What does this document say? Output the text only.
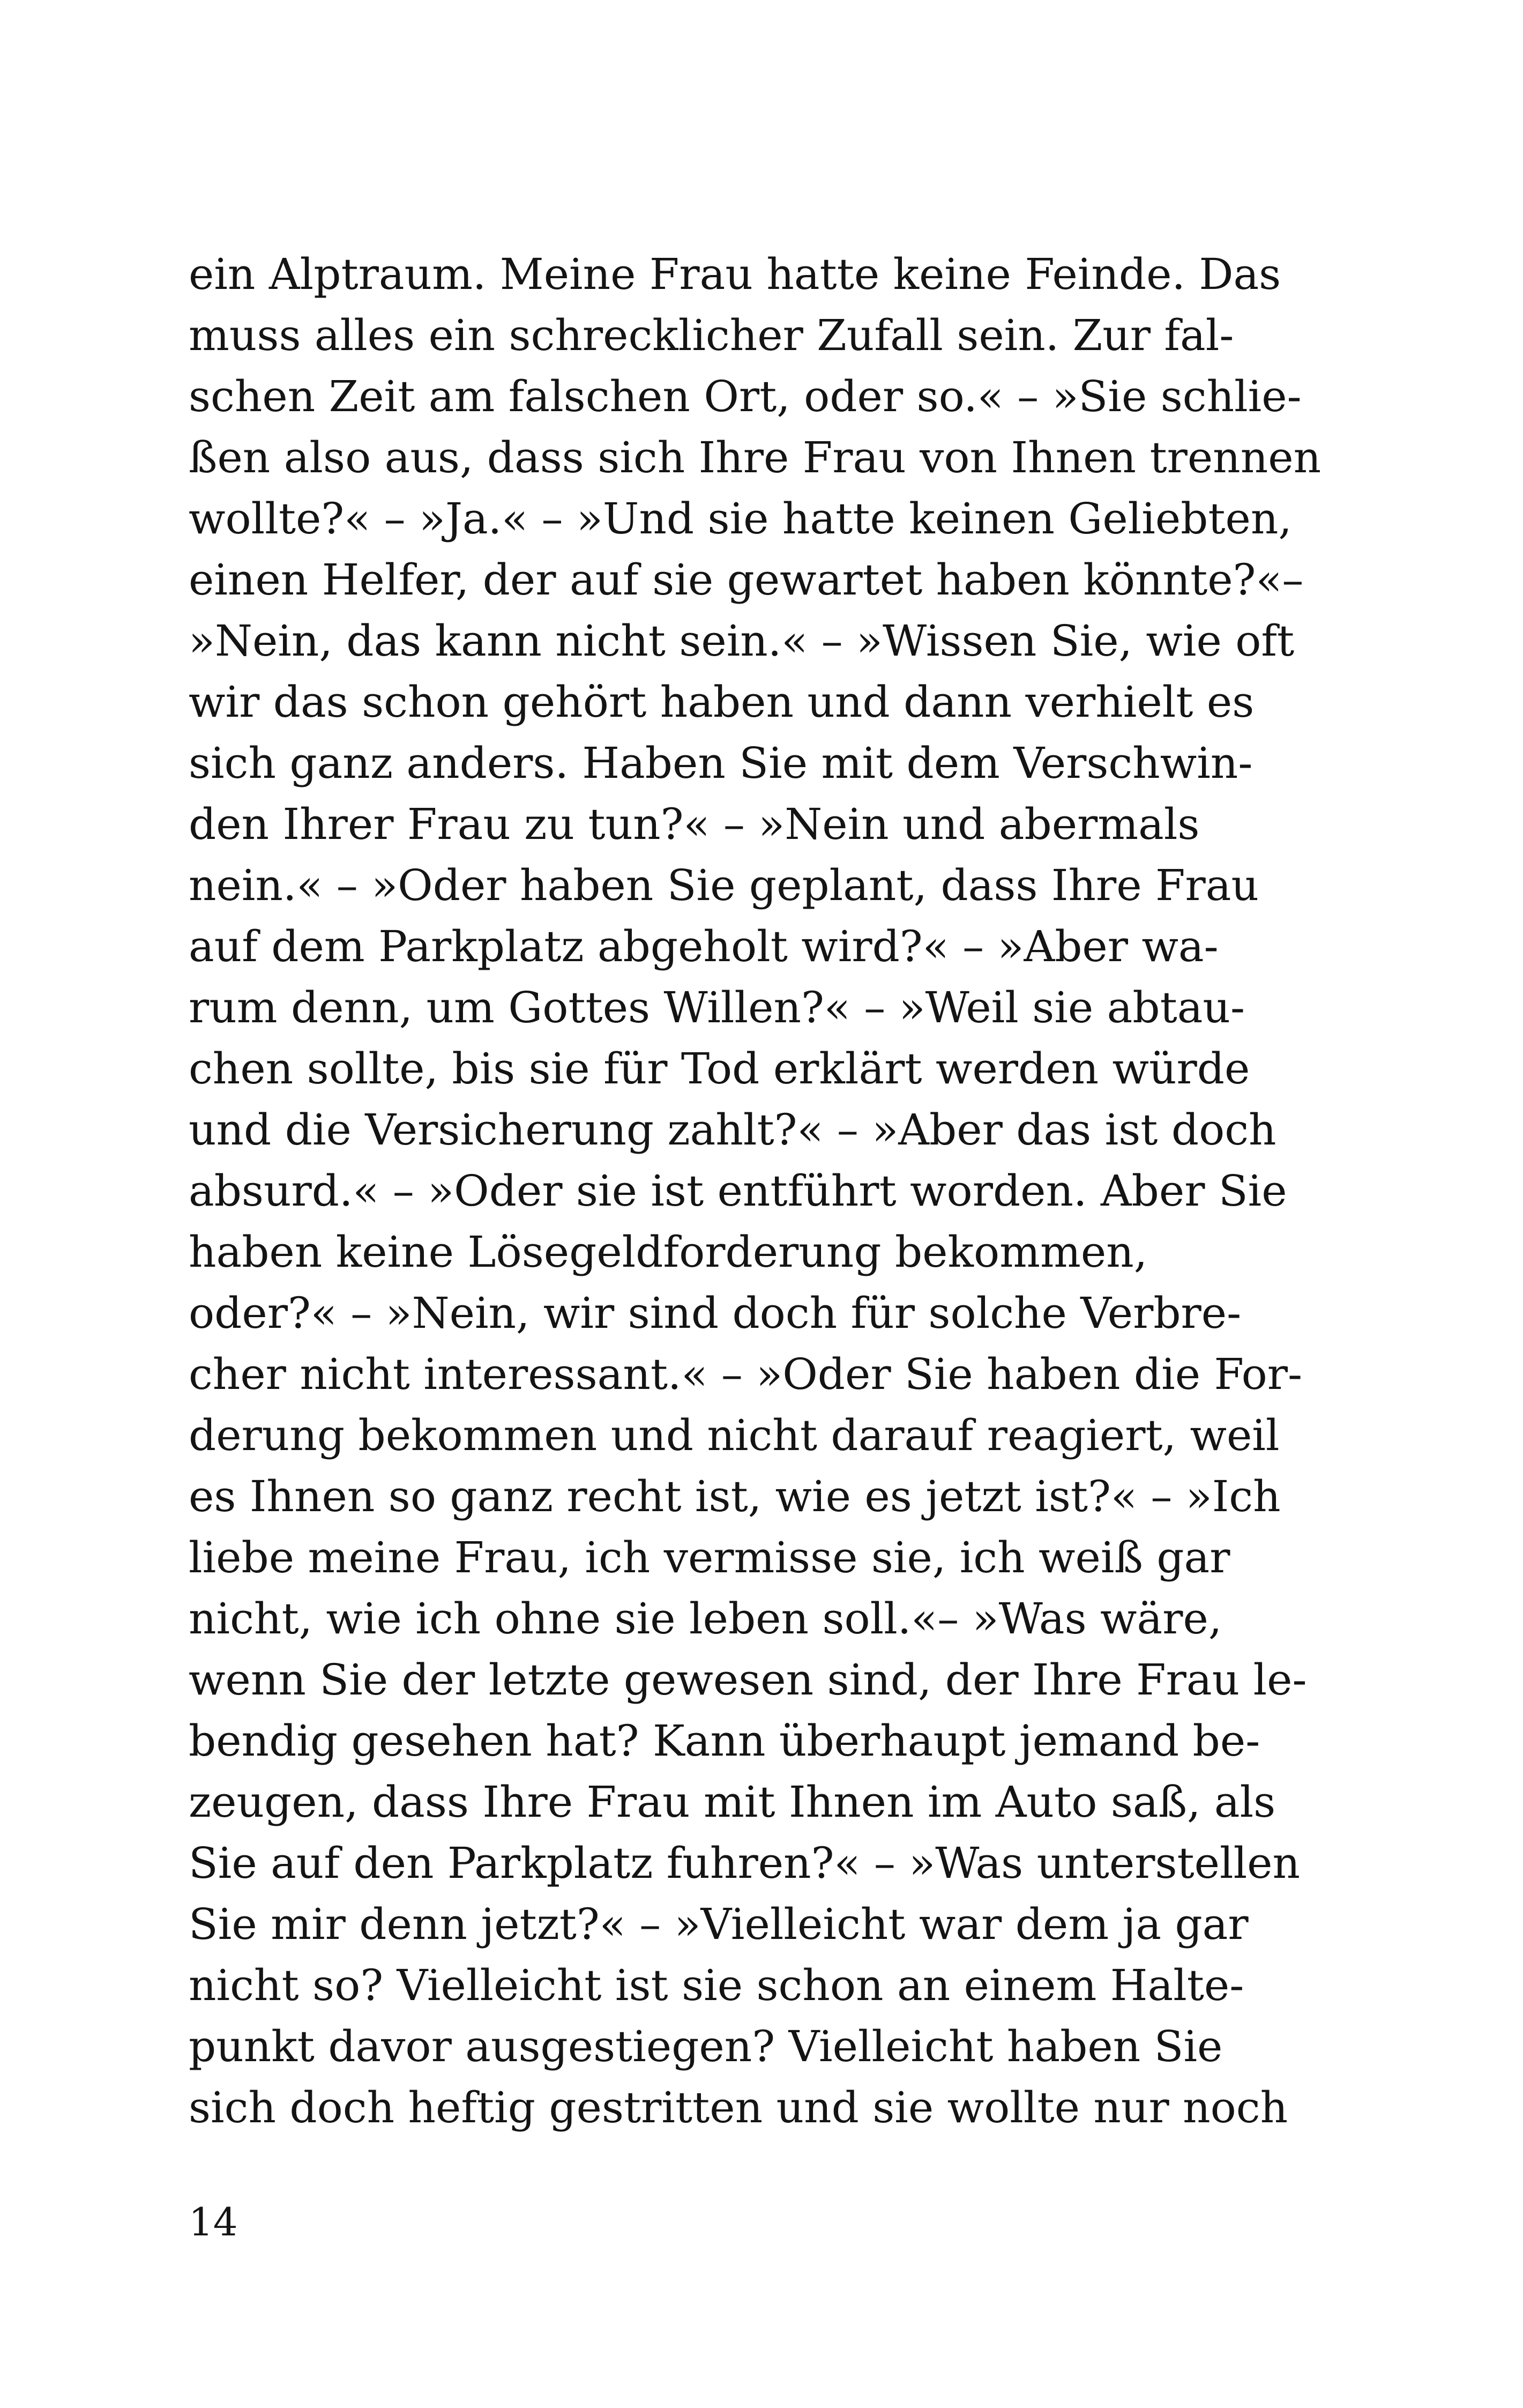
ein Alptraum. Meine Frau hatte keine Feinde. Das
muss alles ein schrecklicher Zufall sein. Zur fal-
schen Zeit am falschen Ort, oder so.« – »Sie schlie-
ßen also aus, dass sich Ihre Frau von Ihnen trennen
wollte?« – »Ja.« – »Und sie hatte keinen Geliebten,
einen Helfer, der auf sie gewartet haben könnte?«–
»Nein, das kann nicht sein.« – »Wissen Sie, wie oft
wir das schon gehört haben und dann verhielt es
sich ganz anders. Haben Sie mit dem Verschwin-
den Ihrer Frau zu tun?« – »Nein und abermals
nein.« – »Oder haben Sie geplant, dass Ihre Frau
auf dem Parkplatz abgeholt wird?« – »Aber wa-
rum denn, um Gottes Willen?« – »Weil sie abtau-
chen sollte, bis sie für Tod erklärt werden würde
und die Versicherung zahlt?« – »Aber das ist doch
absurd.« – »Oder sie ist entführt worden. Aber Sie
haben keine Lösegeldforderung bekommen,
oder?« – »Nein, wir sind doch für solche Verbre-
cher nicht interessant.« – »Oder Sie haben die For-
derung bekommen und nicht darauf reagiert, weil
es Ihnen so ganz recht ist, wie es jetzt ist?« – »Ich
liebe meine Frau, ich vermisse sie, ich weiß gar
nicht, wie ich ohne sie leben soll.«– »Was wäre,
wenn Sie der letzte gewesen sind, der Ihre Frau le-
bendig gesehen hat? Kann überhaupt jemand be-
zeugen, dass Ihre Frau mit Ihnen im Auto saß, als
Sie auf den Parkplatz fuhren?« – »Was unterstellen
Sie mir denn jetzt?« – »Vielleicht war dem ja gar
nicht so? Vielleicht ist sie schon an einem Halte-
punkt davor ausgestiegen? Vielleicht haben Sie
sich doch heftig gestritten und sie wollte nur noch
14
